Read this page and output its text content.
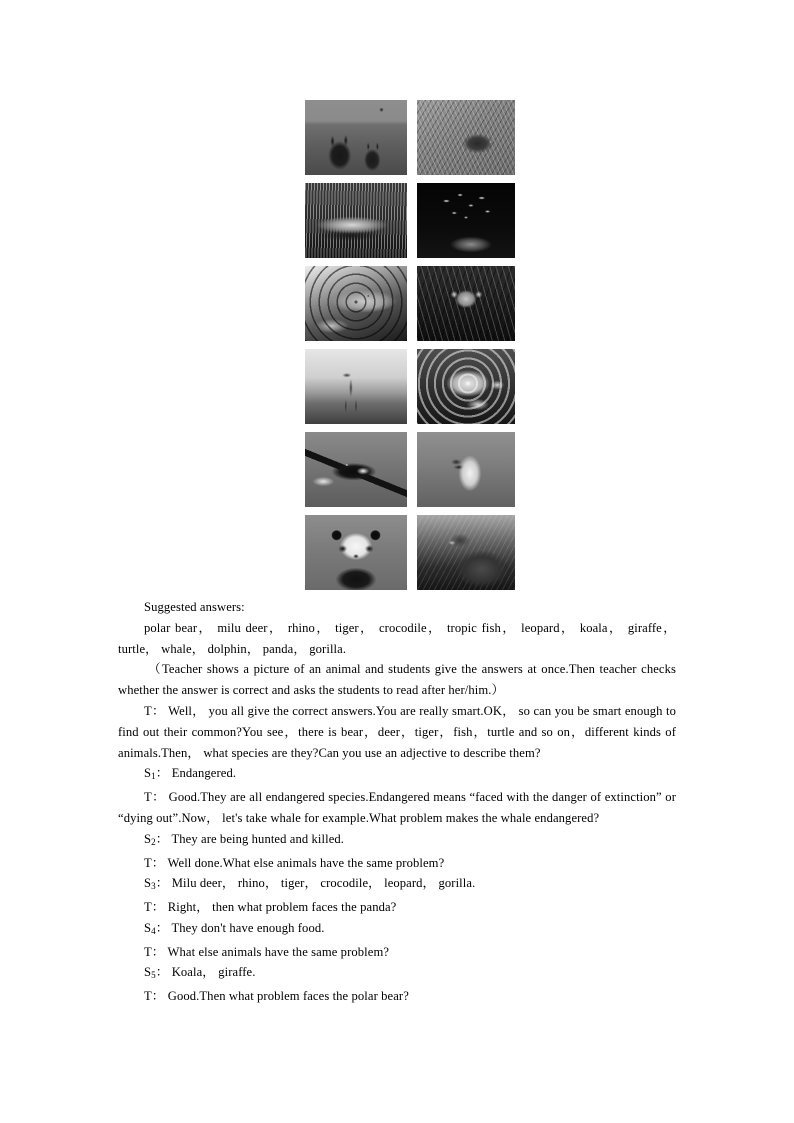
Suggested answers:

polar bear， milu deer， rhino， tiger， crocodile， tropic fish， leopard， koala， giraffe， turtle， whale， dolphin， panda， gorilla.

（Teacher shows a picture of an animal and students give the answers at once.Then teacher checks whether the answer is correct and asks the students to read after her/him.）

T： Well， you all give the correct answers.You are really smart.OK， so can you be smart enough to find out their common?You see，there is bear，deer，tiger，fish，turtle and so on，different kinds of animals.Then， what species are they?Can you use an adjective to describe them?

$S_1$： Endangered.

T： Good.They are all endangered species.Endangered means “faced with the danger of extinction” or “dying out”.Now， let's take whale for example.What problem makes the whale endangered?

$S_2$： They are being hunted and killed.

T： Well done.What else animals have the same problem?

$S_3$： Milu deer， rhino， tiger， crocodile， leopard， gorilla.

T： Right， then what problem faces the panda?

$S_4$： They don't have enough food.

T： What else animals have the same problem?

$S_5$： Koala， giraffe.

T： Good.Then what problem faces the polar bear?
